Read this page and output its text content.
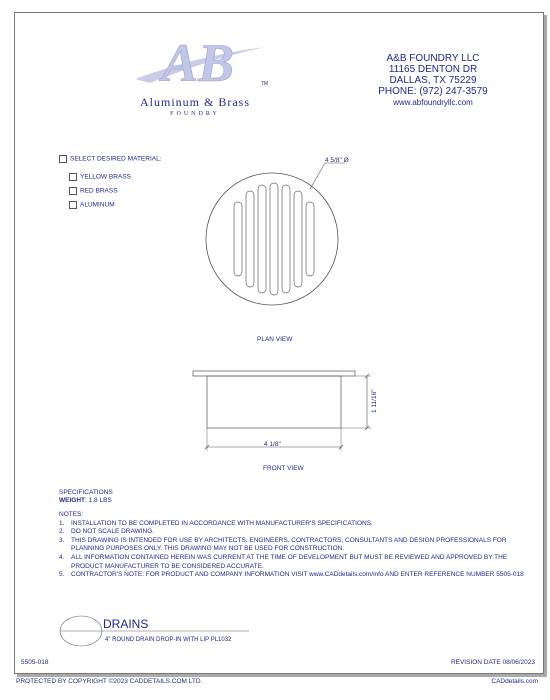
AB	TM
Aluminum & Brass
FOUNDRY
A&B FOUNDRY LLC
11165 DENTON DR
DALLAS, TX 75229
PHONE: (972) 247-3579
www.abfoundryllc.com
SELECT DESIRED MATERIAL:
YELLOW BRASS
RED BRASS
ALUMINUM
4 5/8" Ø
PLAN VIEW
1 11/16"
4 1/8"
FRONT VIEW
SPECIFICATIONS
WEIGHT: 1.8 LBS
NOTES:
1.	INSTALLATION TO BE COMPLETED IN ACCORDANCE WITH MANUFACTURER'S SPECIFICATIONS.
2.	DO NOT SCALE DRAWING.
3.	THIS DRAWING IS INTENDED FOR USE BY ARCHITECTS, ENGINEERS, CONTRACTORS, CONSULTANTS AND DESIGN PROFESSIONALS FOR PLANNING PURPOSES ONLY. THIS DRAWING MAY NOT BE USED FOR CONSTRUCTION.
4.	ALL INFORMATION CONTAINED HEREIN WAS CURRENT AT THE TIME OF DEVELOPMENT BUT MUST BE REVIEWED AND APPROVED BY THE PRODUCT MANUFACTURER TO BE CONSIDERED ACCURATE.
5.	CONTRACTOR'S NOTE: FOR PRODUCT AND COMPANY INFORMATION VISIT www.CADdetails.com/info AND ENTER REFERENCE NUMBER 5505-018
DRAINS
4" ROUND DRAIN DROP-IN WITH LIP PL1032
5505-018	REVISION DATE 08/06/2023
PROTECTED BY COPYRIGHT ©2023 CADDETAILS.COM LTD.	CADdetails.com
